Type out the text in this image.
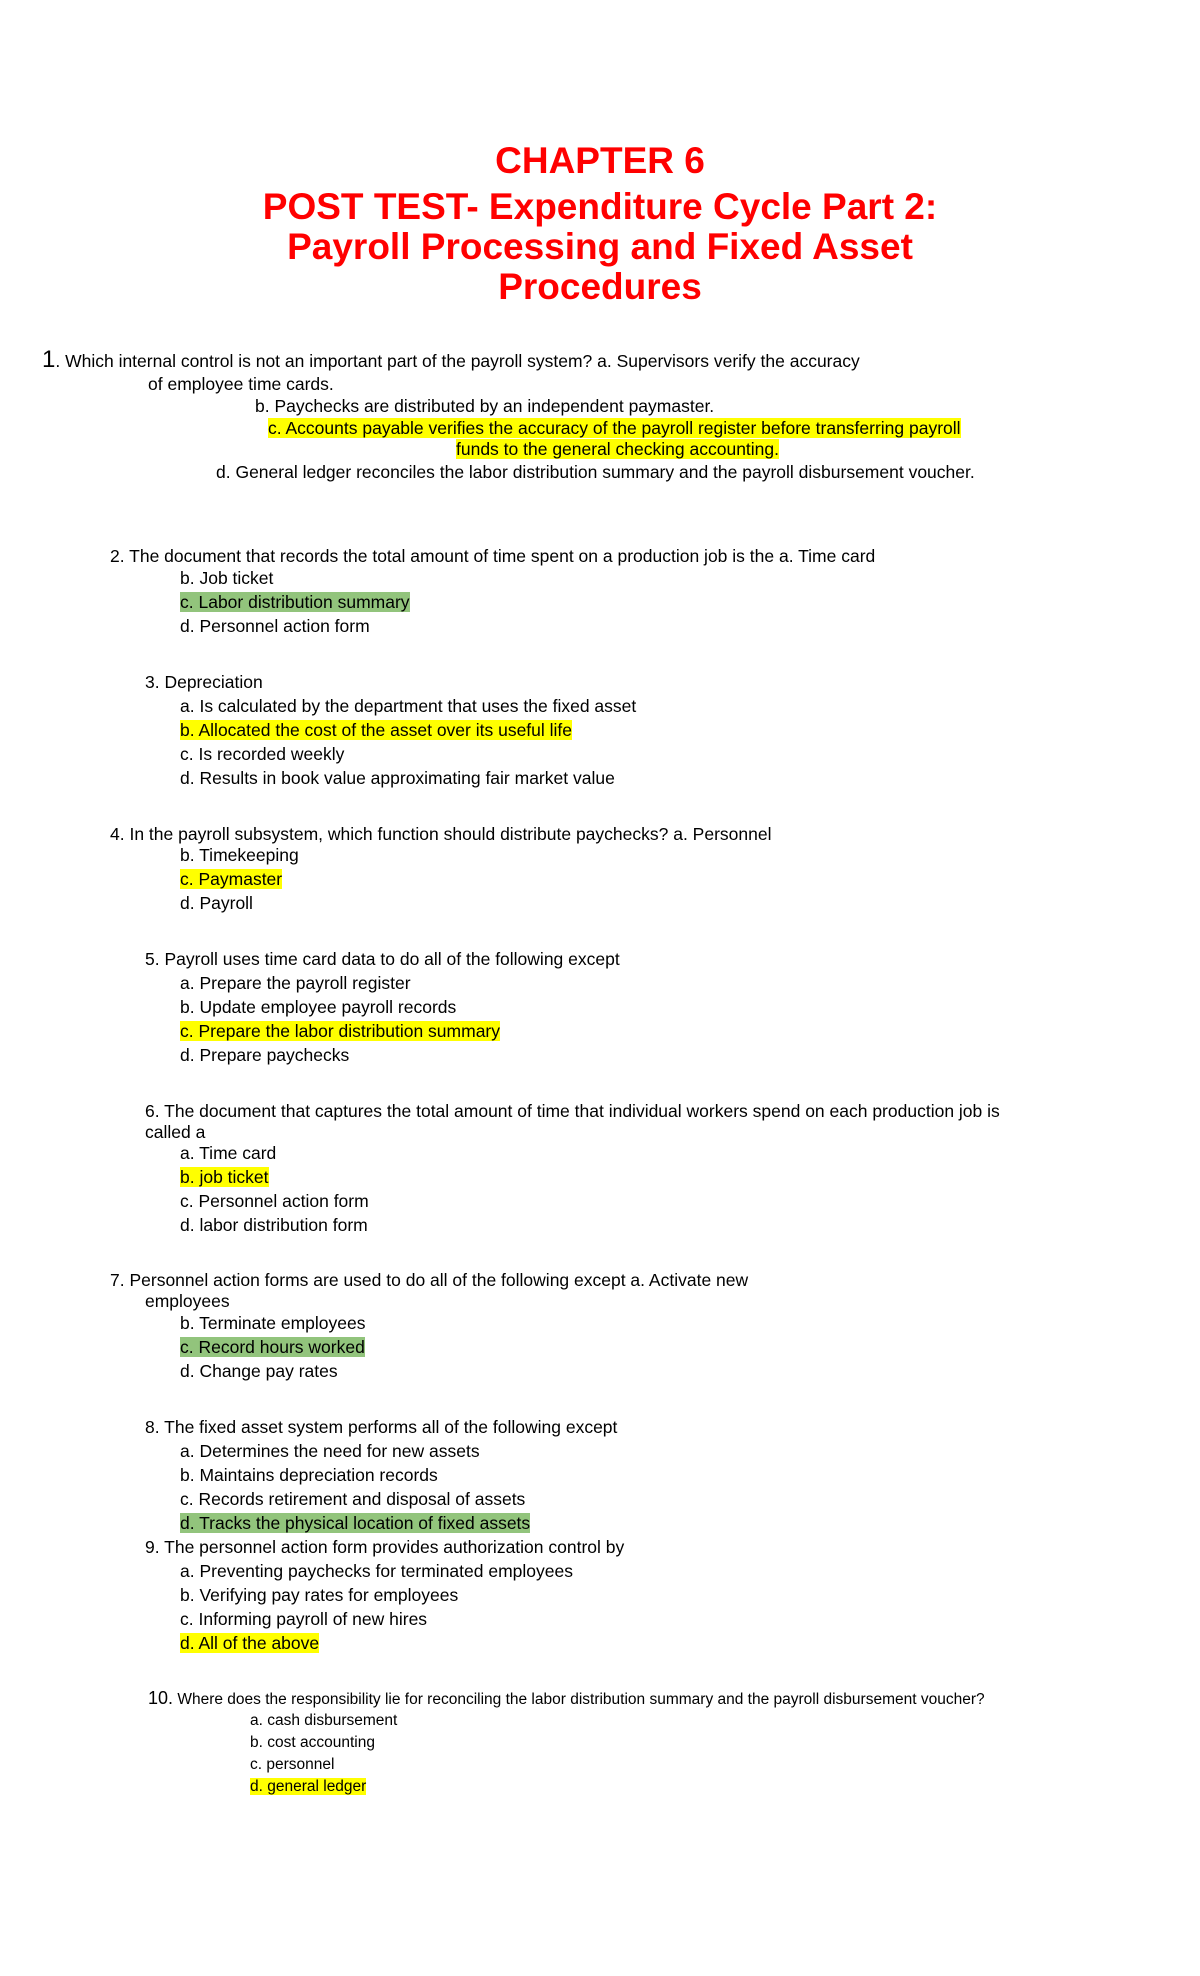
CHAPTER 6
POST TEST- Expenditure Cycle Part 2:
Payroll Processing and Fixed Asset
Procedures
1. Which internal control is not an important part of the payroll system? a. Supervisors verify the accuracy
of employee time cards.
b. Paychecks are distributed by an independent paymaster.
c. Accounts payable verifies the accuracy of the payroll register before transferring payroll
funds to the general checking accounting.
d. General ledger reconciles the labor distribution summary and the payroll disbursement voucher.
2. The document that records the total amount of time spent on a production job is the a. Time card
b. Job ticket
c. Labor distribution summary
d. Personnel action form
3. Depreciation
a. Is calculated by the department that uses the fixed asset
b. Allocated the cost of the asset over its useful life
c. Is recorded weekly
d. Results in book value approximating fair market value
4. In the payroll subsystem, which function should distribute paychecks? a. Personnel
b. Timekeeping
c. Paymaster
d. Payroll
5. Payroll uses time card data to do all of the following except
a. Prepare the payroll register
b. Update employee payroll records
c. Prepare the labor distribution summary
d. Prepare paychecks
6. The document that captures the total amount of time that individual workers spend on each production job is
called a
a. Time card
b. job ticket
c. Personnel action form
d. labor distribution form
7. Personnel action forms are used to do all of the following except a. Activate new
employees
b. Terminate employees
c. Record hours worked
d. Change pay rates
8. The fixed asset system performs all of the following except
a. Determines the need for new assets
b. Maintains depreciation records
c. Records retirement and disposal of assets
d. Tracks the physical location of fixed assets
9. The personnel action form provides authorization control by
a. Preventing paychecks for terminated employees
b. Verifying pay rates for employees
c. Informing payroll of new hires
d. All of the above
10. Where does the responsibility lie for reconciling the labor distribution summary and the payroll disbursement voucher?
a. cash disbursement
b. cost accounting
c. personnel
d. general ledger
